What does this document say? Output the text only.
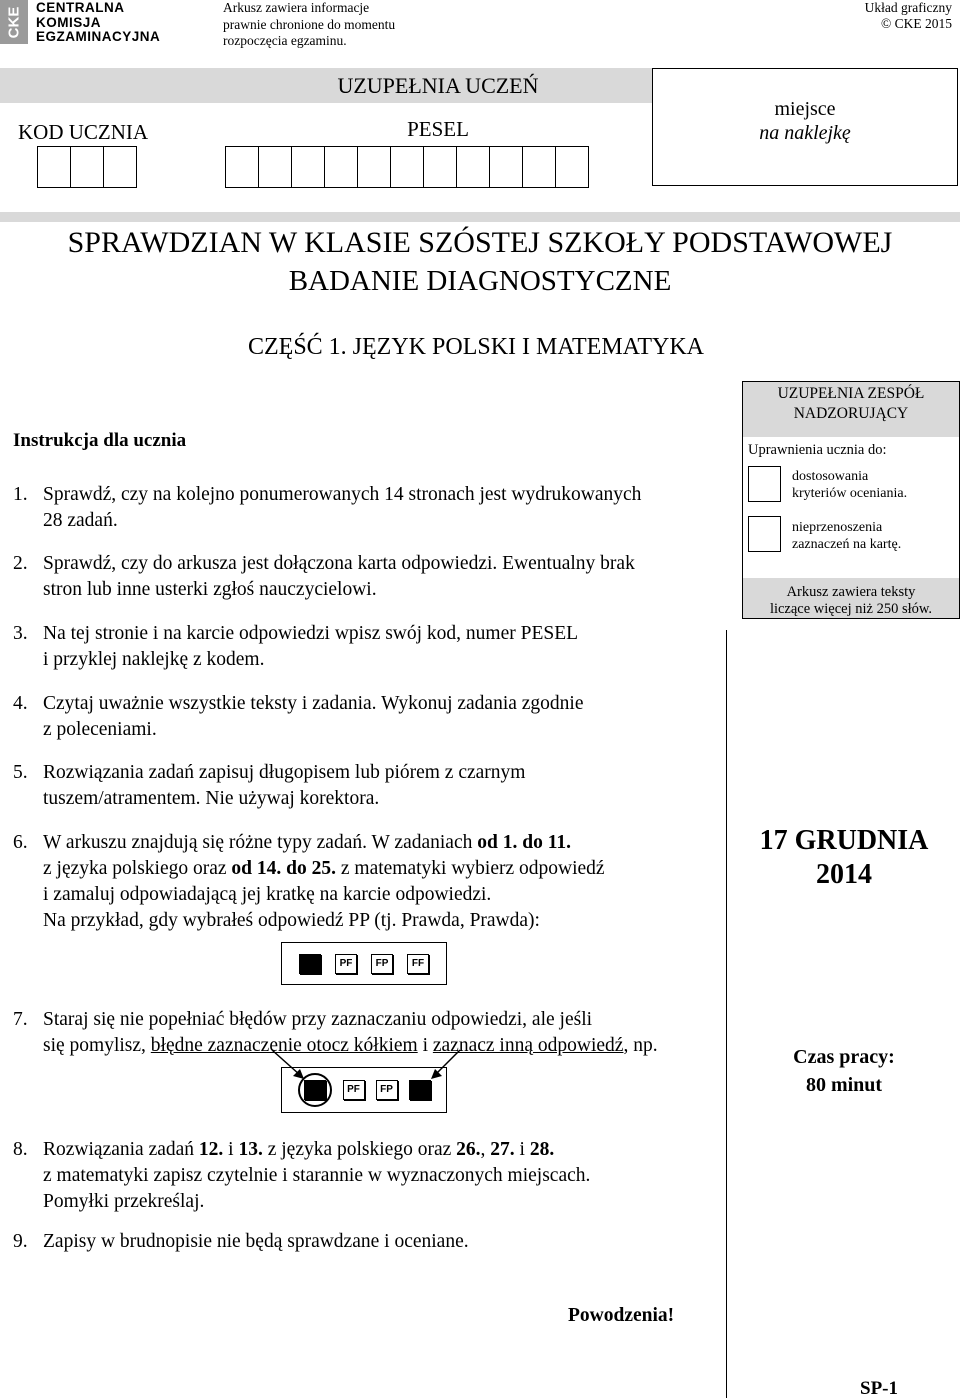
CKE CENTRALNA
KOMISJA
EGZAMINACYJNA
Arkusz zawiera informacje
prawnie chronione do momentu
rozpoczęcia egzaminu.
Układ graficzny
© CKE 2015
UZUPEŁNIA UCZEŃ
KOD UCZNIA	PESEL
miejsce
na naklejkę
SPRAWDZIAN W KLASIE SZÓSTEJ SZKOŁY PODSTAWOWEJ
BADANIE DIAGNOSTYCZNE
CZĘŚĆ 1. JĘZYK POLSKI I MATEMATYKA
Instrukcja dla ucznia
1. Sprawdź, czy na kolejno ponumerowanych 14 stronach jest wydrukowanych
28 zadań.
2. Sprawdź, czy do arkusza jest dołączona karta odpowiedzi. Ewentualny brak
stron lub inne usterki zgłoś nauczycielowi.
3. Na tej stronie i na karcie odpowiedzi wpisz swój kod, numer PESEL
i przyklej naklejkę z kodem.
4. Czytaj uważnie wszystkie teksty i zadania. Wykonuj zadania zgodnie
z poleceniami.
5. Rozwiązania zadań zapisuj długopisem lub piórem z czarnym
tuszem/atramentem. Nie używaj korektora.
6. W arkuszu znajdują się różne typy zadań. W zadaniach od 1. do 11.
z języka polskiego oraz od 14. do 25. z matematyki wybierz odpowiedź
i zamaluj odpowiadającą jej kratkę na karcie odpowiedzi.
Na przykład, gdy wybrałeś odpowiedź PP (tj. Prawda, Prawda):
PF	FP	FF
7. Staraj się nie popełniać błędów przy zaznaczaniu odpowiedzi, ale jeśli
się pomylisz, błędne zaznaczenie otocz kółkiem i zaznacz inną odpowiedź, np.
PF	FP
8. Rozwiązania zadań 12. i 13. z języka polskiego oraz 26., 27. i 28.
z matematyki zapisz czytelnie i starannie w wyznaczonych miejscach.
Pomyłki przekreślaj.
9. Zapisy w brudnopisie nie będą sprawdzane i oceniane.
UZUPEŁNIA ZESPÓŁ
NADZORUJĄCY
Uprawnienia ucznia do:
dostosowania
kryteriów oceniania.
nieprzenoszenia
zaznaczeń na kartę.
Arkusz zawiera teksty
liczące więcej niż 250 słów.
17 GRUDNIA
2014
Czas pracy:
80 minut
Powodzenia!
SP-1
